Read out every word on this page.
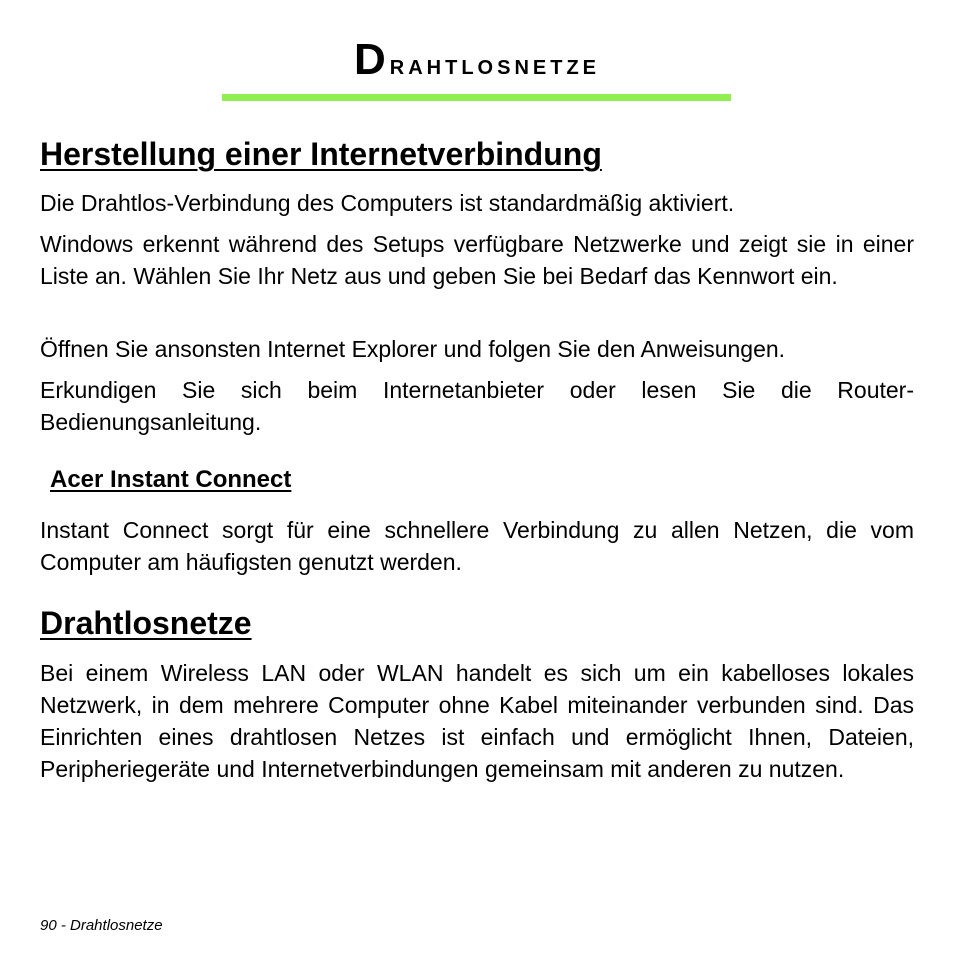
Drahtlosnetze
Herstellung einer Internetverbindung

Die Drahtlos-Verbindung des Computers ist standardmäßig aktiviert.

Windows erkennt während des Setups verfügbare Netzwerke und zeigt sie in einer Liste an. Wählen Sie Ihr Netz aus und geben Sie bei Bedarf das Kennwort ein.

Öffnen Sie ansonsten Internet Explorer und folgen Sie den Anweisungen.

Erkundigen Sie sich beim Internetanbieter oder lesen Sie die Router-Bedienungsanleitung.

Acer Instant Connect

Instant Connect sorgt für eine schnellere Verbindung zu allen Netzen, die vom Computer am häufigsten genutzt werden.

Drahtlosnetze

Bei einem Wireless LAN oder WLAN handelt es sich um ein kabelloses lokales Netzwerk, in dem mehrere Computer ohne Kabel miteinander verbunden sind. Das Einrichten eines drahtlosen Netzes ist einfach und ermöglicht Ihnen, Dateien, Peripheriegeräte und Internetverbindungen gemeinsam mit anderen zu nutzen.

90 - Drahtlosnetze
